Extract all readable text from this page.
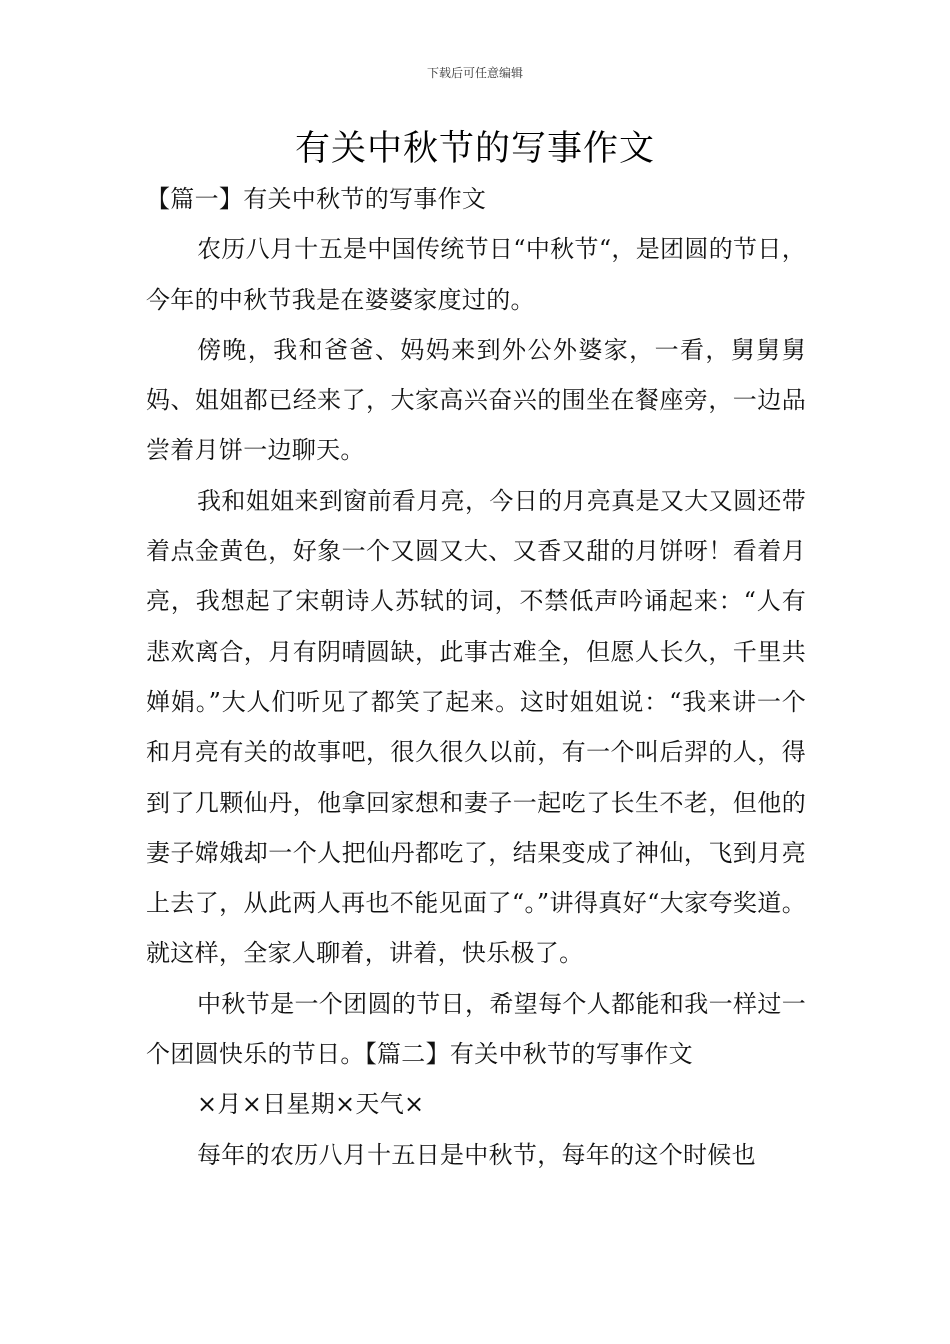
下载后可任意编辑
有关中秋节的写事作文

【篇一】有关中秋节的写事作文

农历八月十五是中国传统节日“中秋节“，是团圆的节日，今年的中秋节我是在婆婆家度过的。

傍晚，我和爸爸、妈妈来到外公外婆家，一看，舅舅舅妈、姐姐都已经来了，大家高兴奋兴的围坐在餐座旁，一边品尝着月饼一边聊天。

我和姐姐来到窗前看月亮，今日的月亮真是又大又圆还带着点金黄色，好象一个又圆又大、又香又甜的月饼呀！看着月亮，我想起了宋朝诗人苏轼的词，不禁低声吟诵起来：“人有悲欢离合，月有阴晴圆缺，此事古难全，但愿人长久，千里共婵娟。”大人们听见了都笑了起来。这时姐姐说：“我来讲一个和月亮有关的故事吧，很久很久以前，有一个叫后羿的人，得到了几颗仙丹，他拿回家想和妻子一起吃了长生不老，但他的妻子嫦娥却一个人把仙丹都吃了，结果变成了神仙，飞到月亮上去了，从此两人再也不能见面了“。”讲得真好“大家夸奖道。就这样，全家人聊着，讲着，快乐极了。

中秋节是一个团圆的节日，希望每个人都能和我一样过一个团圆快乐的节日。【篇二】有关中秋节的写事作文

×月×日星期×天气×

每年的农历八月十五日是中秋节，每年的这个时候也
